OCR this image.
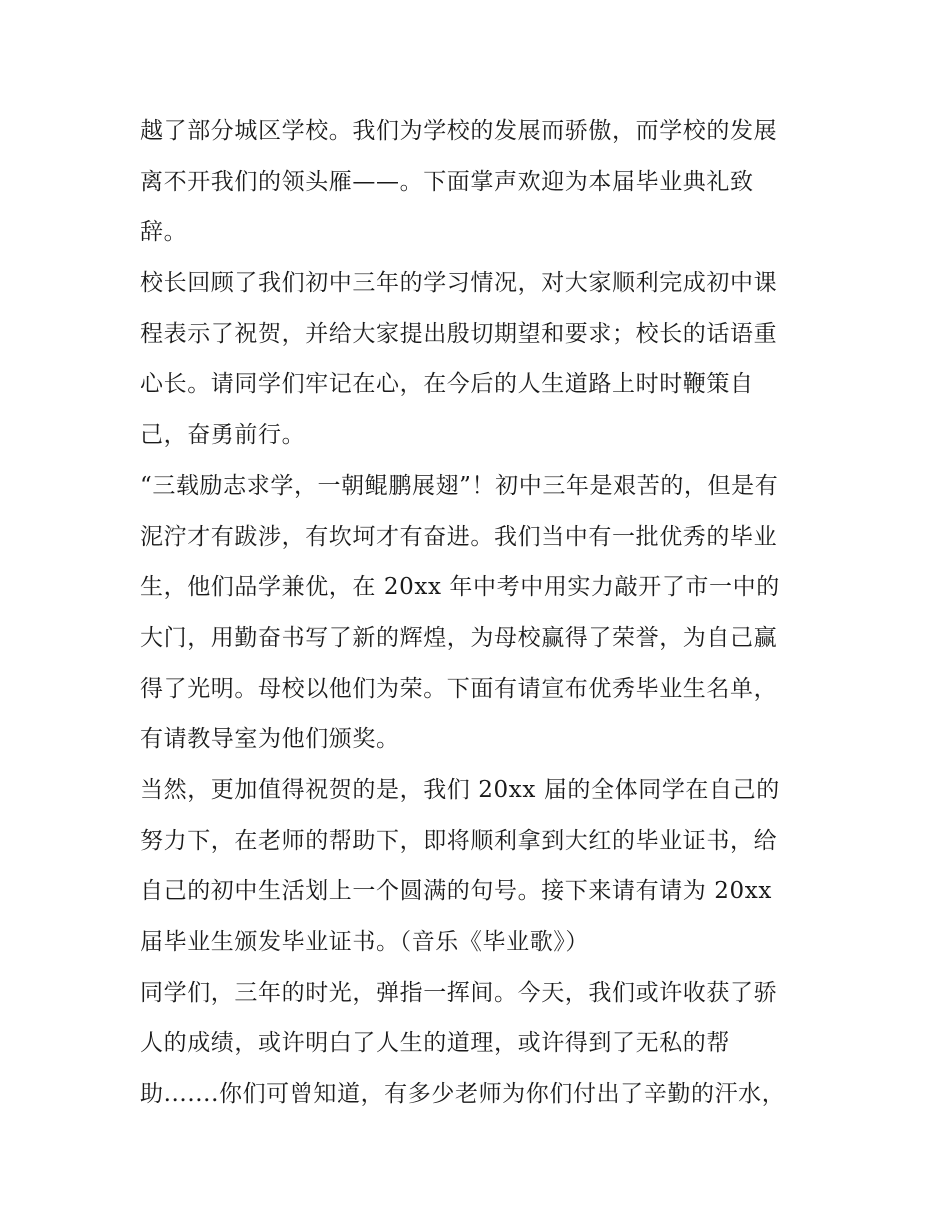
越了部分城区学校。我们为学校的发展而骄傲，而学校的发展
离不开我们的领头雁——。下面掌声欢迎为本届毕业典礼致
辞。
校长回顾了我们初中三年的学习情况，对大家顺利完成初中课
程表示了祝贺，并给大家提出殷切期望和要求；校长的话语重
心长。请同学们牢记在心，在今后的人生道路上时时鞭策自
己，奋勇前行。
“三载励志求学，一朝鲲鹏展翅”！初中三年是艰苦的，但是有
泥泞才有跋涉，有坎坷才有奋进。我们当中有一批优秀的毕业
生，他们品学兼优，在 20xx 年中考中用实力敲开了市一中的
大门，用勤奋书写了新的辉煌，为母校赢得了荣誉，为自己赢
得了光明。母校以他们为荣。下面有请宣布优秀毕业生名单，
有请教导室为他们颁奖。
当然，更加值得祝贺的是，我们 20xx 届的全体同学在自己的
努力下，在老师的帮助下，即将顺利拿到大红的毕业证书，给
自己的初中生活划上一个圆满的句号。接下来请有请为 20xx
届毕业生颁发毕业证书。（音乐《毕业歌》）
同学们，三年的时光，弹指一挥间。今天，我们或许收获了骄
人的成绩，或许明白了人生的道理，或许得到了无私的帮
助.......你们可曾知道，有多少老师为你们付出了辛勤的汗水，
